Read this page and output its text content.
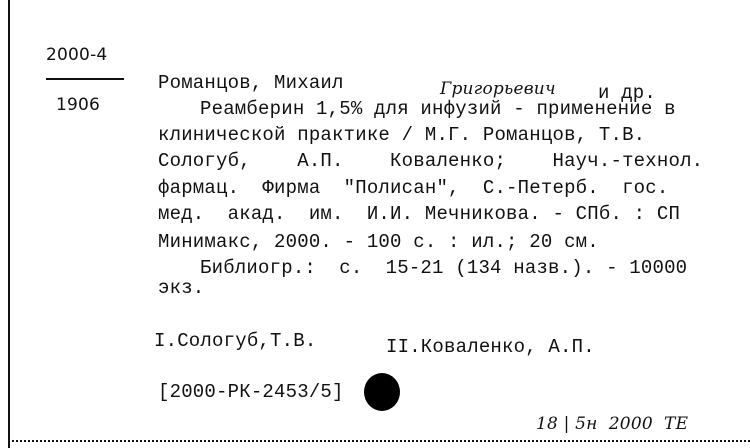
2000-4
1906
Романцов, Михаил	Григорьевич и др.
Реамберин 1,5% для инфузий - применение в
клинической практике / М.Г. Романцов, Т.В.
Сологуб,    А.П.    Коваленко;    Науч.-технол.
фармац.  Фирма  "Полисан",  С.-Петерб.  гос.
мед.  акад.  им.  И.И. Мечникова. - СПб. : СП
Минимакс, 2000. - 100 с. : ил.; 20 см.
Библиогр.:  с.  15-21 (134 назв.). - 10000
экз.
I.Сологуб,Т.В.	II.Коваленко, А.П.
[2000-РК-2453/5]
18 | 5н  2000  ТЕ
